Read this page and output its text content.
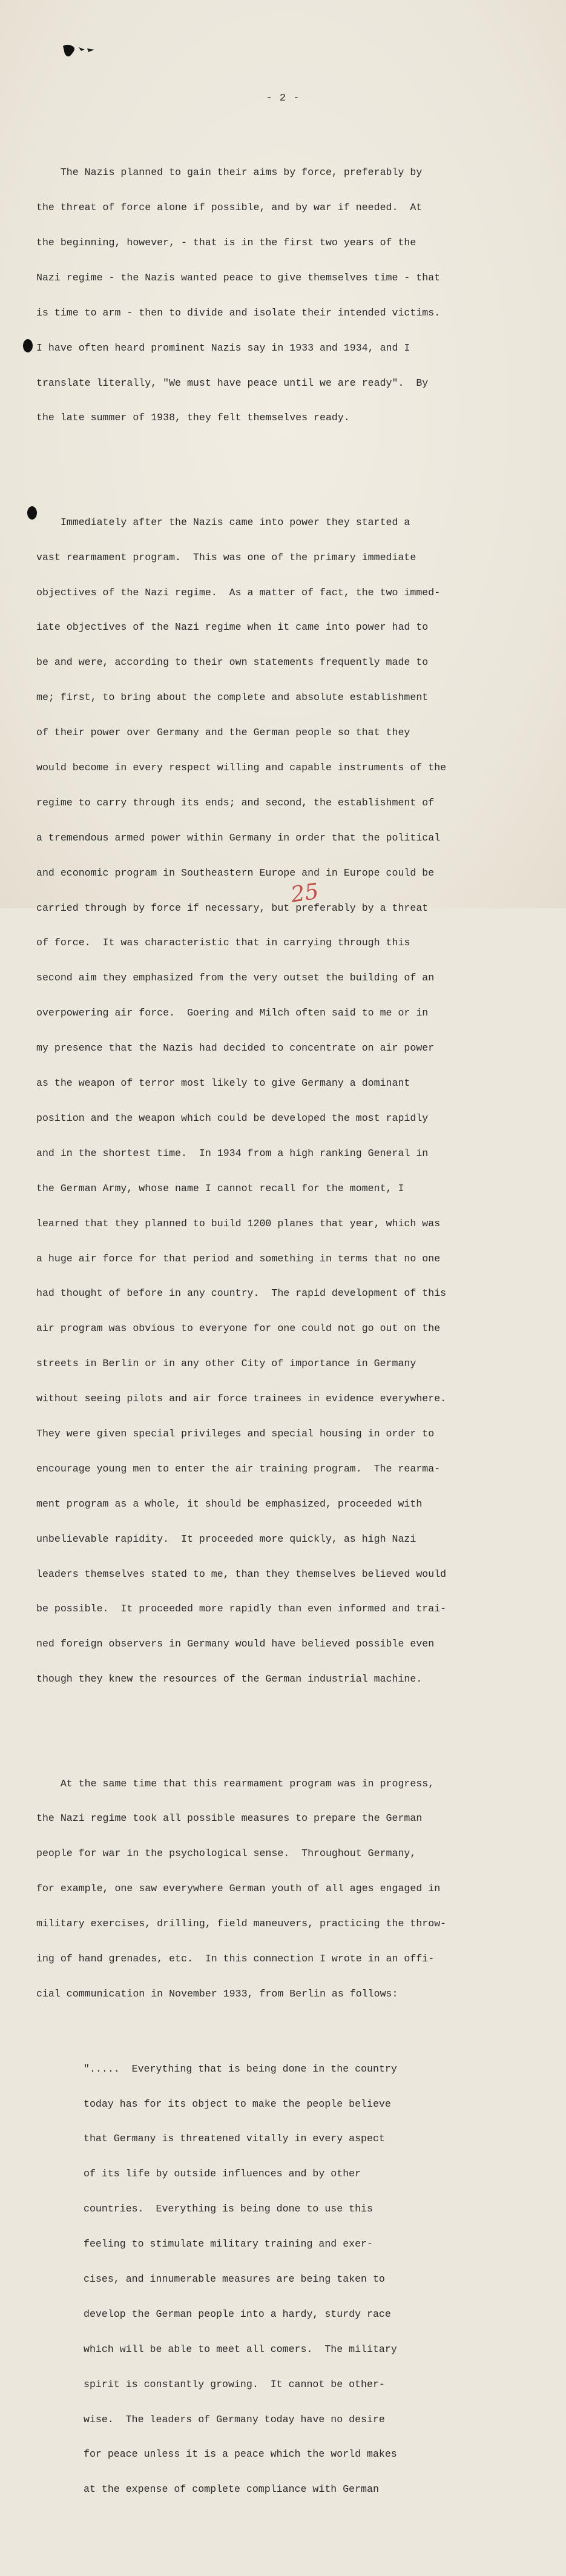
- 2 -

The Nazis planned to gain their aims by force, preferably by

the threat of force alone if possible, and by war if needed.  At

the beginning, however, - that is in the first two years of the

Nazi regime - the Nazis wanted peace to give themselves time - that

is time to arm - then to divide and isolate their intended victims.

I have often heard prominent Nazis say in 1933 and 1934, and I

translate literally, "We must have peace until we are ready".  By

the late summer of 1938, they felt themselves ready.

Immediately after the Nazis came into power they started a

vast rearmament program.  This was one of the primary immediate

objectives of the Nazi regime.  As a matter of fact, the two immed-

iate objectives of the Nazi regime when it came into power had to

be and were, according to their own statements frequently made to

me; first, to bring about the complete and absolute establishment

of their power over Germany and the German people so that they

would become in every respect willing and capable instruments of the

regime to carry through its ends; and second, the establishment of

a tremendous armed power within Germany in order that the political

and economic program in Southeastern Europe and in Europe could be

carried through by force if necessary, but preferably by a threat

of force.  It was characteristic that in carrying through this

second aim they emphasized from the very outset the building of an

overpowering air force.  Goering and Milch often said to me or in

my presence that the Nazis had decided to concentrate on air power

as the weapon of terror most likely to give Germany a dominant

position and the weapon which could be developed the most rapidly

and in the shortest time.  In 1934 from a high ranking General in

the German Army, whose name I cannot recall for the moment, I

learned that they planned to build 1200 planes that year, which was

a huge air force for that period and something in terms that no one

had thought of before in any country.  The rapid development of this

air program was obvious to everyone for one could not go out on the

streets in Berlin or in any other City of importance in Germany

without seeing pilots and air force trainees in evidence everywhere.

They were given special privileges and special housing in order to

encourage young men to enter the air training program.  The rearma-

ment program as a whole, it should be emphasized, proceeded with

unbelievable rapidity.  It proceeded more quickly, as high Nazi

leaders themselves stated to me, than they themselves believed would

be possible.  It proceeded more rapidly than even informed and trai-

ned foreign observers in Germany would have believed possible even

though they knew the resources of the German industrial machine.

At the same time that this rearmament program was in progress,

the Nazi regime took all possible measures to prepare the German

people for war in the psychological sense.  Throughout Germany,

for example, one saw everywhere German youth of all ages engaged in

military exercises, drilling, field maneuvers, practicing the throw-

ing of hand grenades, etc.  In this connection I wrote in an offi-

cial communication in November 1933, from Berlin as follows:

".....  Everything that is being done in the country

today has for its object to make the people believe

that Germany is threatened vitally in every aspect

of its life by outside influences and by other

countries.  Everything is being done to use this

feeling to stimulate military training and exer-

cises, and innumerable measures are being taken to

develop the German people into a hardy, sturdy race

which will be able to meet all comers.  The military

spirit is constantly growing.  It cannot be other-

wise.  The leaders of Germany today have no desire

for peace unless it is a peace which the world makes

at the expense of complete compliance with German

25
